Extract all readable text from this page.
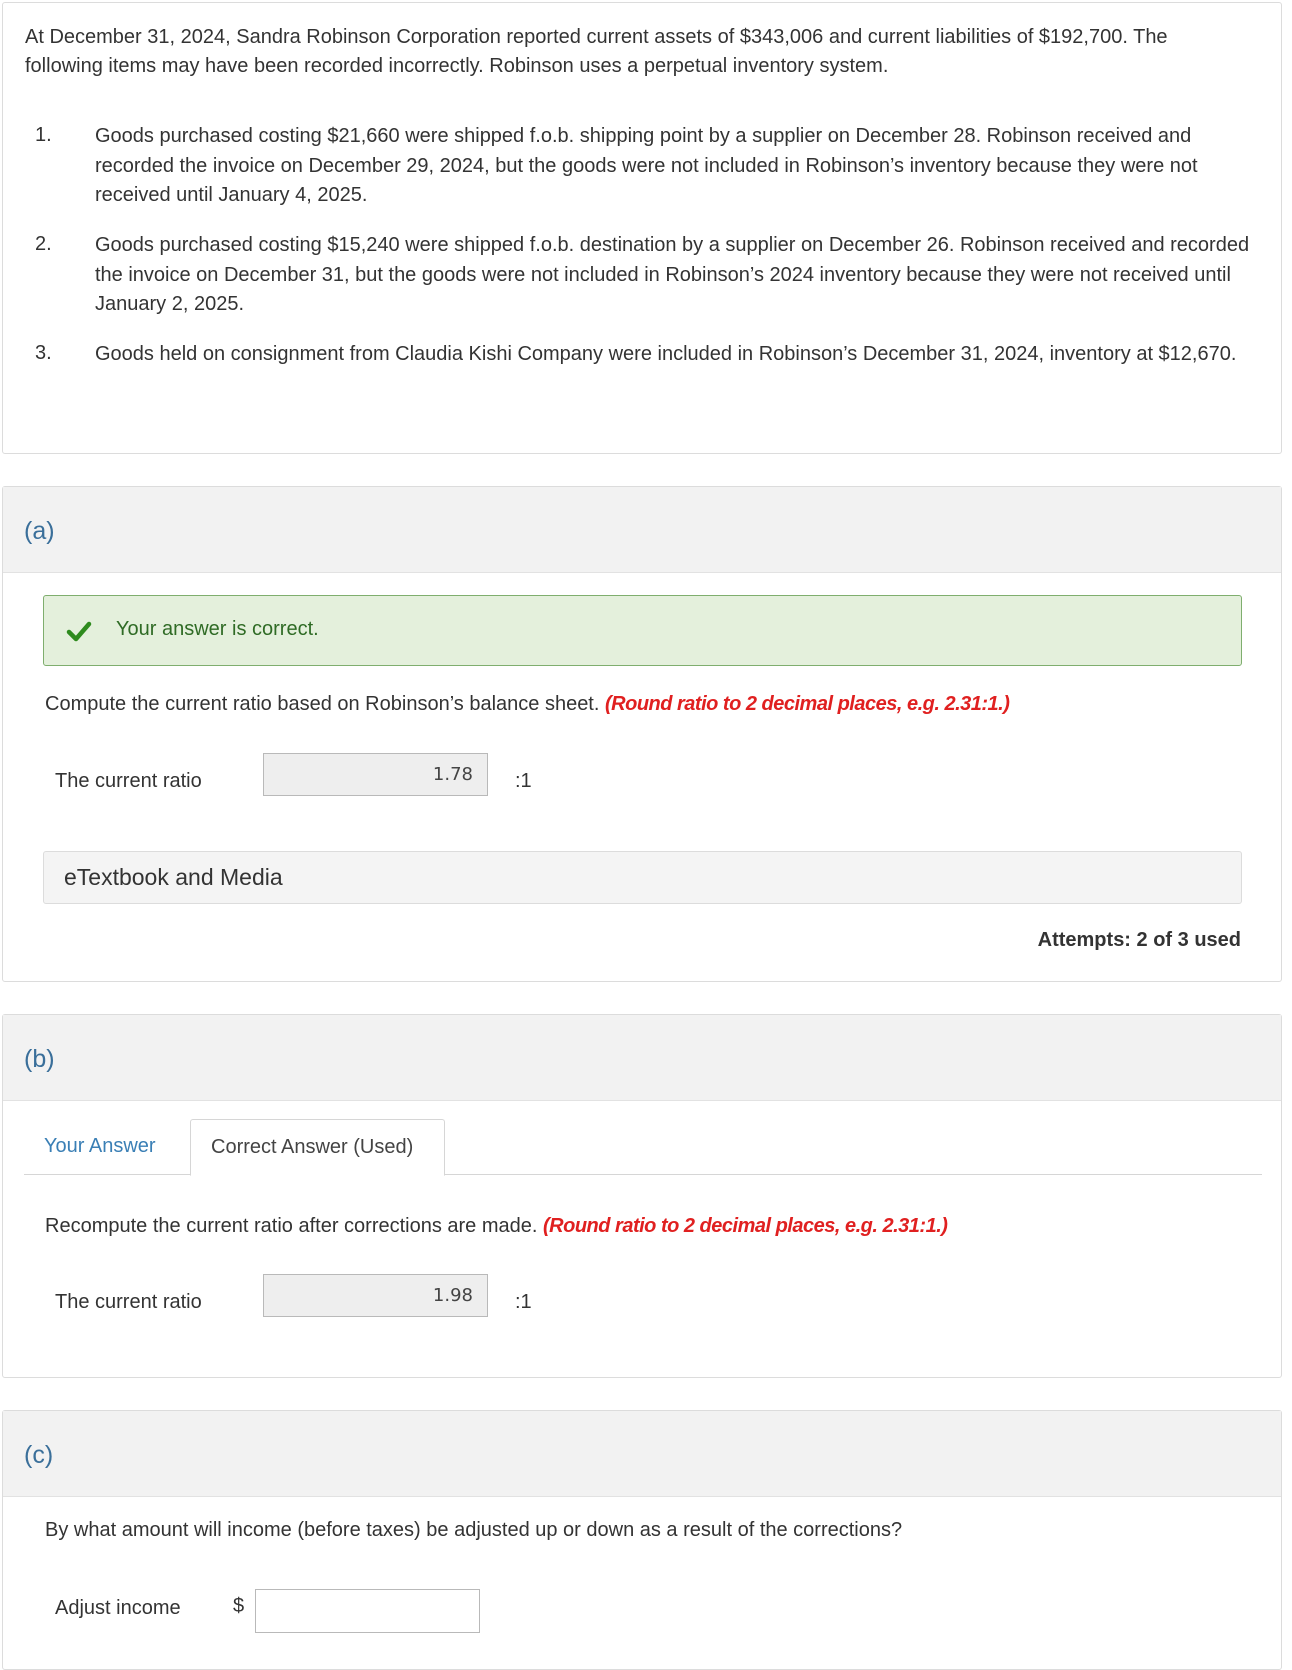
At December 31, 2024, Sandra Robinson Corporation reported current assets of $343,006 and current liabilities of $192,700. The following items may have been recorded incorrectly. Robinson uses a perpetual inventory system.
1. Goods purchased costing $21,660 were shipped f.o.b. shipping point by a supplier on December 28. Robinson received and recorded the invoice on December 29, 2024, but the goods were not included in Robinson’s inventory because they were not received until January 4, 2025.
2. Goods purchased costing $15,240 were shipped f.o.b. destination by a supplier on December 26. Robinson received and recorded the invoice on December 31, but the goods were not included in Robinson’s 2024 inventory because they were not received until January 2, 2025.
3. Goods held on consignment from Claudia Kishi Company were included in Robinson’s December 31, 2024, inventory at $12,670.
(a)
Your answer is correct.
Compute the current ratio based on Robinson’s balance sheet. (Round ratio to 2 decimal places, e.g. 2.31:1.)
The current ratio	1.78 :1
eTextbook and Media
Attempts: 2 of 3 used
(b)
Your Answer	Correct Answer (Used)
Recompute the current ratio after corrections are made. (Round ratio to 2 decimal places, e.g. 2.31:1.)
The current ratio	1.98 :1
(c)
By what amount will income (before taxes) be adjusted up or down as a result of the corrections?
Adjust income	$
